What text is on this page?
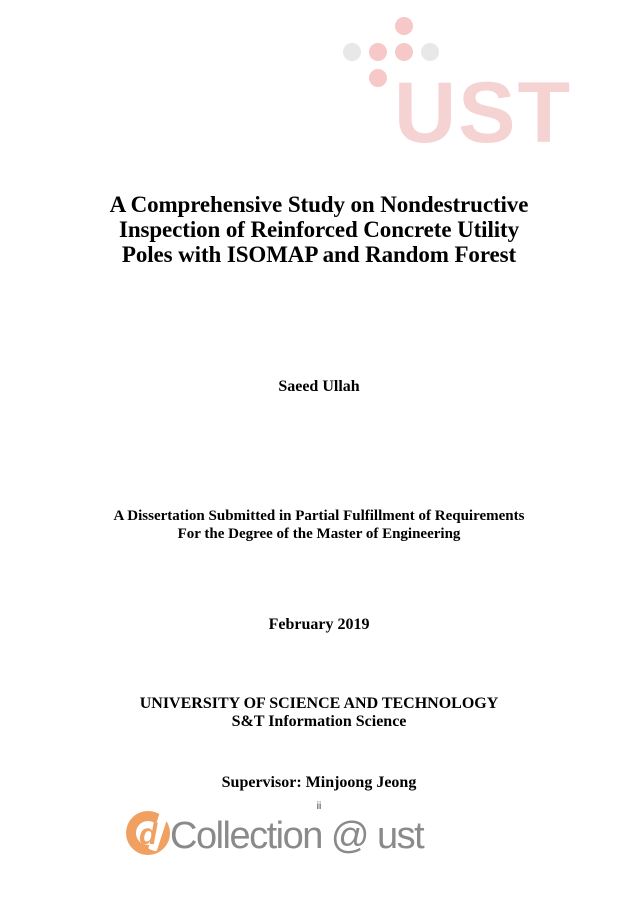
UST
A Comprehensive Study on Nondestructive
Inspection of Reinforced Concrete Utility
Poles with ISOMAP and Random Forest
Saeed Ullah
A Dissertation Submitted in Partial Fulfillment of Requirements
For the Degree of the Master of Engineering
February 2019
UNIVERSITY OF SCIENCE AND TECHNOLOGY
S&T Information Science
Supervisor: Minjoong Jeong
ii
d Collection @ ust
